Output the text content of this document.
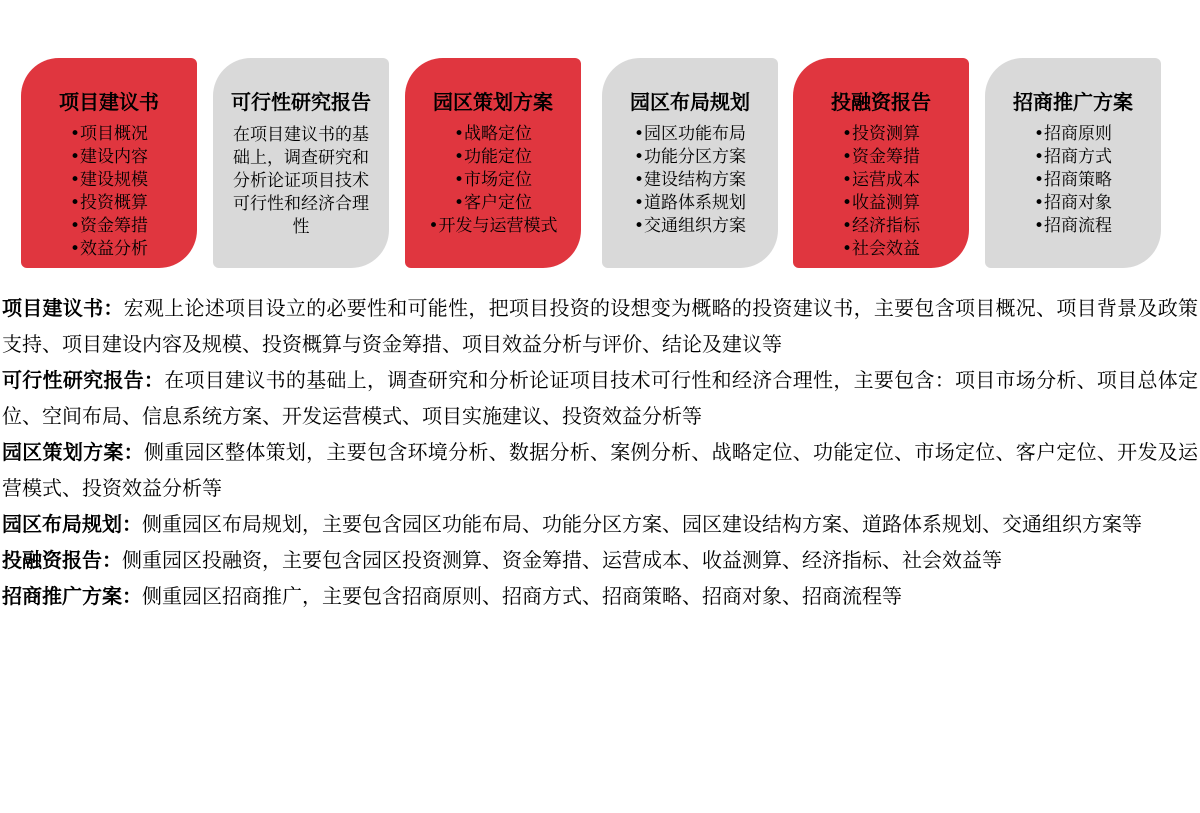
项目建议书
•项目概况
•建设内容
•建设规模
•投资概算
•资金筹措
•效益分析
可行性研究报告
在项目建议书的基础上，调查研究和分析论证项目技术可行性和经济合理性
园区策划方案
•战略定位
•功能定位
•市场定位
•客户定位
•开发与运营模式
园区布局规划
•园区功能布局
•功能分区方案
•建设结构方案
•道路体系规划
•交通组织方案
投融资报告
•投资测算
•资金筹措
•运营成本
•收益测算
•经济指标
•社会效益
招商推广方案
•招商原则
•招商方式
•招商策略
•招商对象
•招商流程

项目建议书：宏观上论述项目设立的必要性和可能性，把项目投资的设想变为概略的投资建议书，主要包含项目概况、项目背景及政策支持、项目建设内容及规模、投资概算与资金筹措、项目效益分析与评价、结论及建议等

可行性研究报告：在项目建议书的基础上，调查研究和分析论证项目技术可行性和经济合理性，主要包含：项目市场分析、项目总体定位、空间布局、信息系统方案、开发运营模式、项目实施建议、投资效益分析等

园区策划方案：侧重园区整体策划，主要包含环境分析、数据分析、案例分析、战略定位、功能定位、市场定位、客户定位、开发及运营模式、投资效益分析等

园区布局规划：侧重园区布局规划，主要包含园区功能布局、功能分区方案、园区建设结构方案、道路体系规划、交通组织方案等

投融资报告：侧重园区投融资，主要包含园区投资测算、资金筹措、运营成本、收益测算、经济指标、社会效益等

招商推广方案：侧重园区招商推广，主要包含招商原则、招商方式、招商策略、招商对象、招商流程等
